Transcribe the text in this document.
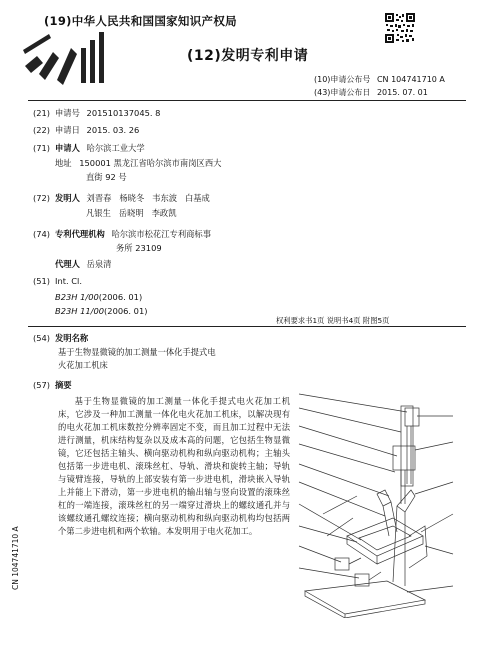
(19)中华人民共和国国家知识产权局
(12)发明专利申请
(10)申请公布号 CN 104741710 A
(43)申请公布日 2015. 07. 01
(21) 申请号 201510137045. 8
(22) 申请日 2015. 03. 26
(71) 申请人 哈尔滨工业大学
地址 150001 黑龙江省哈尔滨市南岗区西大
直街 92 号
(72) 发明人 刘晋春   杨晓冬   韦东波   白基成
凡银生   岳晓明   李政凯
(74) 专利代理机构 哈尔滨市松花江专利商标事
务所 23109
代理人 岳泉清
(51) Int. Cl.
B23H 1/00(2006. 01)
B23H 11/00(2006. 01)
权利要求书1页 说明书4页 附图5页
(54) 发明名称
基于生物显微镜的加工测量一体化手提式电
火花加工机床
(57) 摘要

基于生物显微镜的加工测量一体化手提式电火花加工机床，它涉及一种加工测量一体化电火花加工机床，以解决现有的电火花加工机床数控分辨率固定不变，而且加工过程中无法进行测量，机床结构复杂以及成本高的问题，它包括生物显微镜，它还包括主轴头、横向驱动机构和纵向驱动机构；主轴头包括第一步进电机、滚珠丝杠、导轨、滑块和旋转主轴；导轨与镜臂连接，导轨的上部安装有第一步进电机，滑块嵌入导轨上并能上下滑动，第一步进电机的输出轴与竖向设置的滚珠丝杠的一端连接，滚珠丝杠的另一端穿过滑块上的螺纹通孔并与该螺纹通孔螺纹连接；横向驱动机构和纵向驱动机构均包括两个第二步进电机和两个软轴。本发明用于电火花加工。

CN 104741710 A
